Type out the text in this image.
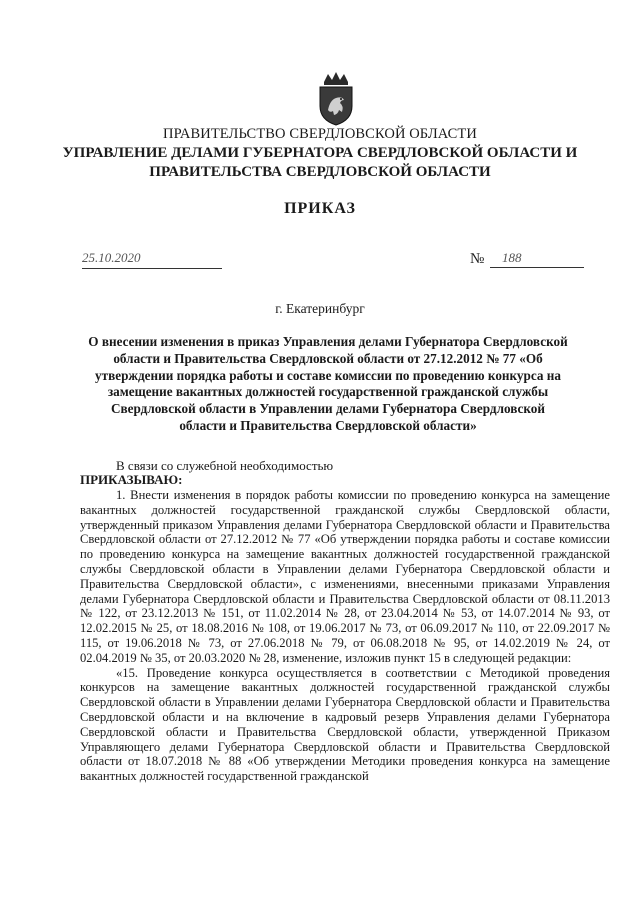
ПРАВИТЕЛЬСТВО СВЕРДЛОВСКОЙ ОБЛАСТИ
УПРАВЛЕНИЕ ДЕЛАМИ ГУБЕРНАТОРА СВЕРДЛОВСКОЙ ОБЛАСТИ И ПРАВИТЕЛЬСТВА СВЕРДЛОВСКОЙ ОБЛАСТИ
ПРИКАЗ
25.10.2020	№	188
г. Екатеринбург
О внесении изменения в приказ Управления делами Губернатора Свердловской области и Правительства Свердловской области от 27.12.2012 № 77 «Об утверждении порядка работы и составе комиссии по проведению конкурса на замещение вакантных должностей государственной гражданской службы Свердловской области в Управлении делами Губернатора Свердловской области и Правительства Свердловской области»
В связи со служебной необходимостью
ПРИКАЗЫВАЮ:

1. Внести изменения в порядок работы комиссии по проведению конкурса на замещение вакантных должностей государственной гражданской службы Свердловской области, утвержденный приказом Управления делами Губернатора Свердловской области и Правительства Свердловской области от 27.12.2012 № 77 «Об утверждении порядка работы и составе комиссии по проведению конкурса на замещение вакантных должностей государственной гражданской службы Свердловской области в Управлении делами Губернатора Свердловской области и Правительства Свердловской области», с изменениями, внесенными приказами Управления делами Губернатора Свердловской области и Правительства Свердловской области от 08.11.2013 № 122, от 23.12.2013 № 151, от 11.02.2014 № 28, от 23.04.2014 № 53, от 14.07.2014 № 93, от 12.02.2015 № 25, от 18.08.2016 № 108, от 19.06.2017 № 73, от 06.09.2017 № 110, от 22.09.2017 № 115, от 19.06.2018 № 73, от 27.06.2018 № 79, от 06.08.2018 № 95, от 14.02.2019 № 24, от 02.04.2019 № 35, от 20.03.2020 № 28, изменение, изложив пункт 15 в следующей редакции:

«15. Проведение конкурса осуществляется в соответствии с Методикой проведения конкурсов на замещение вакантных должностей государственной гражданской службы Свердловской области в Управлении делами Губернатора Свердловской области и Правительства Свердловской области и на включение в кадровый резерв Управления делами Губернатора Свердловской области и Правительства Свердловской области, утвержденной Приказом Управляющего делами Губернатора Свердловской области и Правительства Свердловской области от 18.07.2018 № 88 «Об утверждении Методики проведения конкурса на замещение вакантных должностей государственной гражданской
